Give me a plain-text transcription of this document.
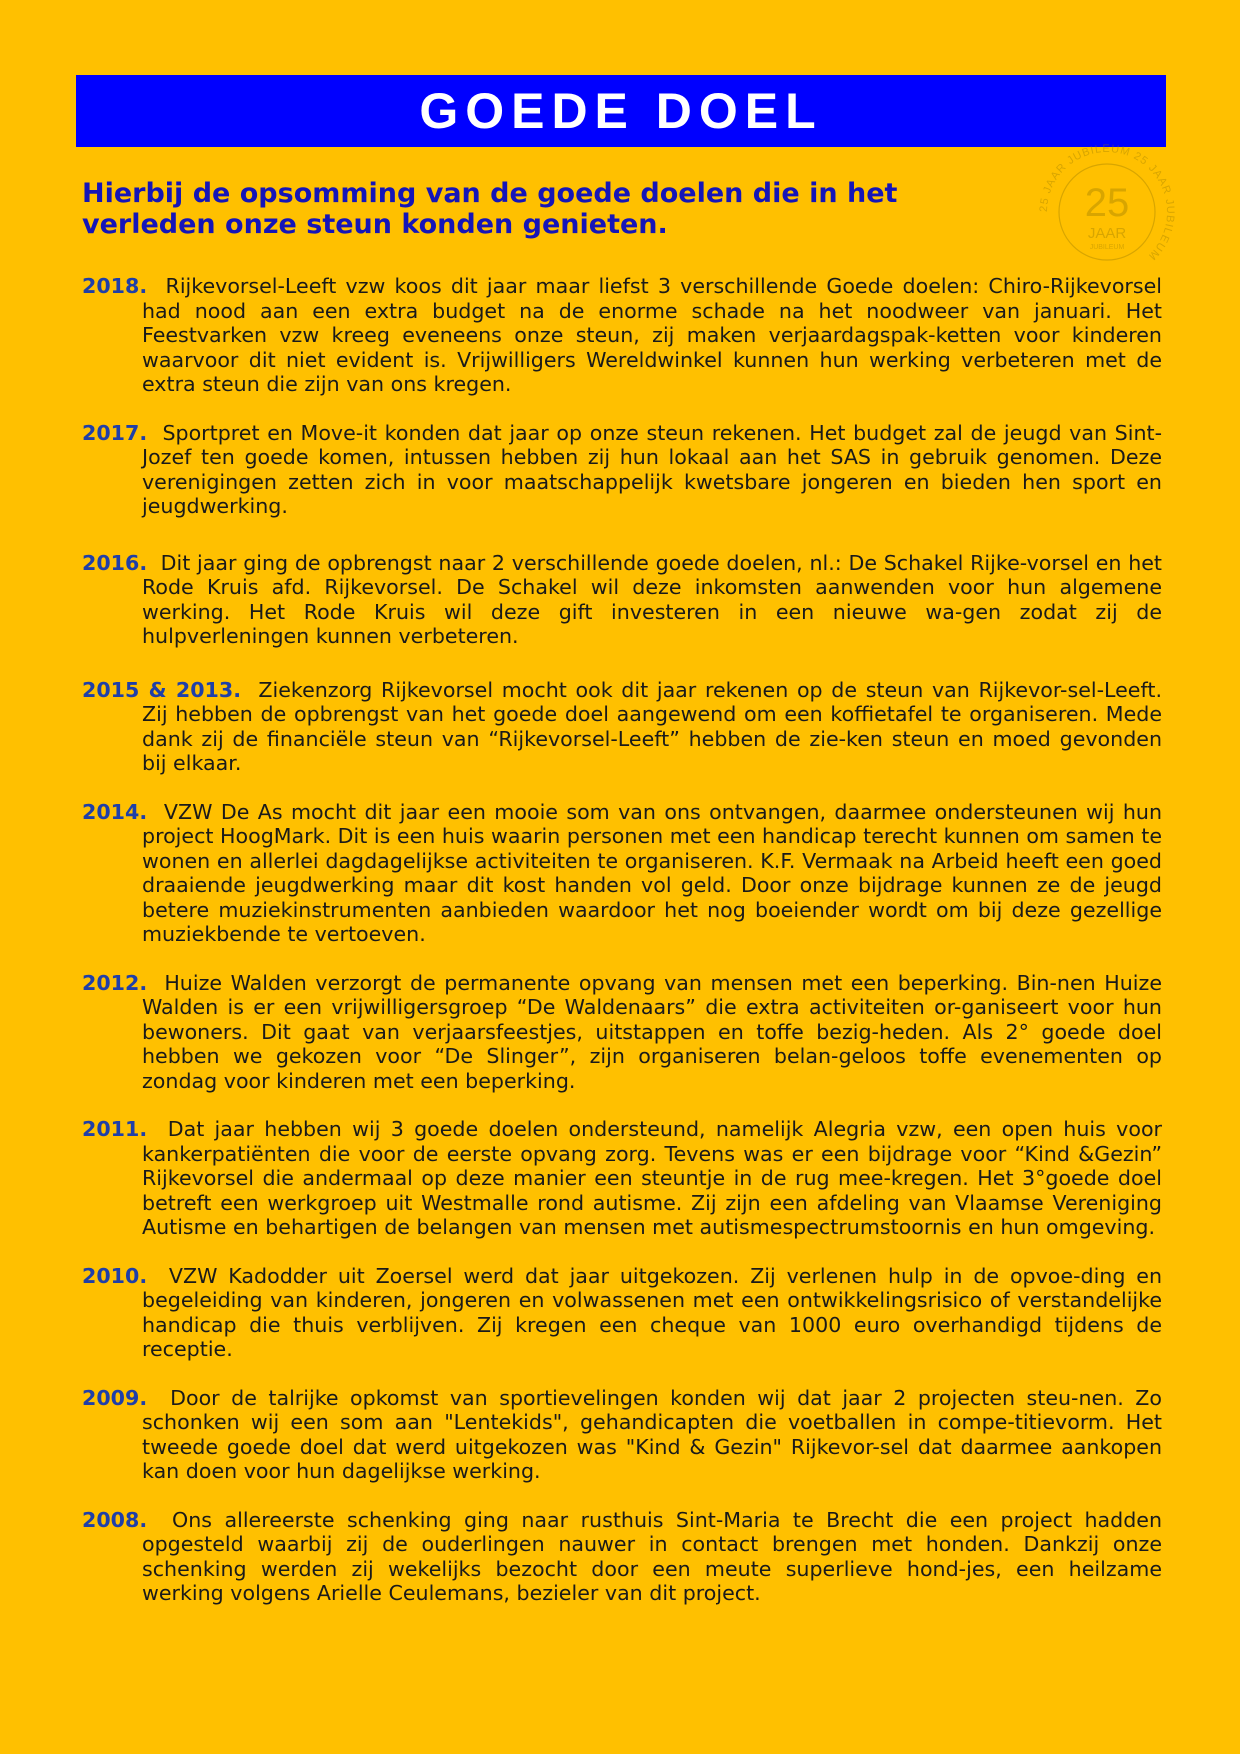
GOEDE DOEL
Hierbij de opsomming van de goede doelen die in het verleden onze steun konden genieten.
25 JAAR JUBILEUM 25 JAAR JUBILEUM
25
JAAR
JUBILEUM

2018. Rijkevorsel-Leeft vzw koos dit jaar maar liefst 3 verschillende Goede doelen: Chiro-Rijkevorsel had nood aan een extra budget na de enorme schade na het noodweer van januari. Het Feestvarken vzw kreeg eveneens onze steun, zij maken verjaardagspak-ketten voor kinderen waarvoor dit niet evident is. Vrijwilligers Wereldwinkel kunnen hun werking verbeteren met de extra steun die zijn van ons kregen.

2017. Sportpret en Move-it konden dat jaar op onze steun rekenen. Het budget zal de jeugd van Sint-Jozef ten goede komen, intussen hebben zij hun lokaal aan het SAS in gebruik genomen. Deze verenigingen zetten zich in voor maatschappelijk kwetsbare jongeren en bieden hen sport en jeugdwerking.

2016. Dit jaar ging de opbrengst naar 2 verschillende goede doelen, nl.: De Schakel Rijke-vorsel en het Rode Kruis afd. Rijkevorsel. De Schakel wil deze inkomsten aanwenden voor hun algemene werking. Het Rode Kruis wil deze gift investeren in een nieuwe wa-gen zodat zij de hulpverleningen kunnen verbeteren.

2015 & 2013. Ziekenzorg Rijkevorsel mocht ook dit jaar rekenen op de steun van Rijkevor-sel-Leeft. Zij hebben de opbrengst van het goede doel aangewend om een koffietafel te organiseren. Mede dank zij de financiële steun van “Rijkevorsel-Leeft” hebben de zie-ken steun en moed gevonden bij elkaar.

2014. VZW De As mocht dit jaar een mooie som van ons ontvangen, daarmee ondersteunen wij hun project HoogMark. Dit is een huis waarin personen met een handicap terecht kunnen om samen te wonen en allerlei dagdagelijkse activiteiten te organiseren. K.F. Vermaak na Arbeid heeft een goed draaiende jeugdwerking maar dit kost handen vol geld. Door onze bijdrage kunnen ze de jeugd betere muziekinstrumenten aanbieden waardoor het nog boeiender wordt om bij deze gezellige muziekbende te vertoeven.

2012. Huize Walden verzorgt de permanente opvang van mensen met een beperking. Bin-nen Huize Walden is er een vrijwilligersgroep “De Waldenaars” die extra activiteiten or-ganiseert voor hun bewoners. Dit gaat van verjaarsfeestjes, uitstappen en toffe bezig-heden. Als 2° goede doel hebben we gekozen voor “De Slinger”, zijn organiseren belan-geloos toffe evenementen op zondag voor kinderen met een beperking.

2011. Dat jaar hebben wij 3 goede doelen ondersteund, namelijk Alegria vzw, een open huis voor kankerpatiënten die voor de eerste opvang zorg. Tevens was er een bijdrage voor “Kind &Gezin” Rijkevorsel die andermaal op deze manier een steuntje in de rug mee-kregen. Het 3°goede doel betreft een werkgroep uit Westmalle rond autisme. Zij zijn een afdeling van Vlaamse Vereniging Autisme en behartigen de belangen van mensen met autismespectrumstoornis en hun omgeving.

2010. VZW Kadodder uit Zoersel werd dat jaar uitgekozen. Zij verlenen hulp in de opvoe-ding en begeleiding van kinderen, jongeren en volwassenen met een ontwikkelingsrisico of verstandelijke handicap die thuis verblijven. Zij kregen een cheque van 1000 euro overhandigd tijdens de receptie.

2009. Door de talrijke opkomst van sportievelingen konden wij dat jaar 2 projecten steu-nen. Zo schonken wij een som aan "Lentekids", gehandicapten die voetballen in compe-titievorm. Het tweede goede doel dat werd uitgekozen was "Kind & Gezin" Rijkevor-sel dat daarmee aankopen kan doen voor hun dagelijkse werking.

2008. Ons allereerste schenking ging naar rusthuis Sint-Maria te Brecht die een project hadden opgesteld waarbij zij de ouderlingen nauwer in contact brengen met honden. Dankzij onze schenking werden zij wekelijks bezocht door een meute superlieve hond-jes, een heilzame werking volgens Arielle Ceulemans, bezieler van dit project.
